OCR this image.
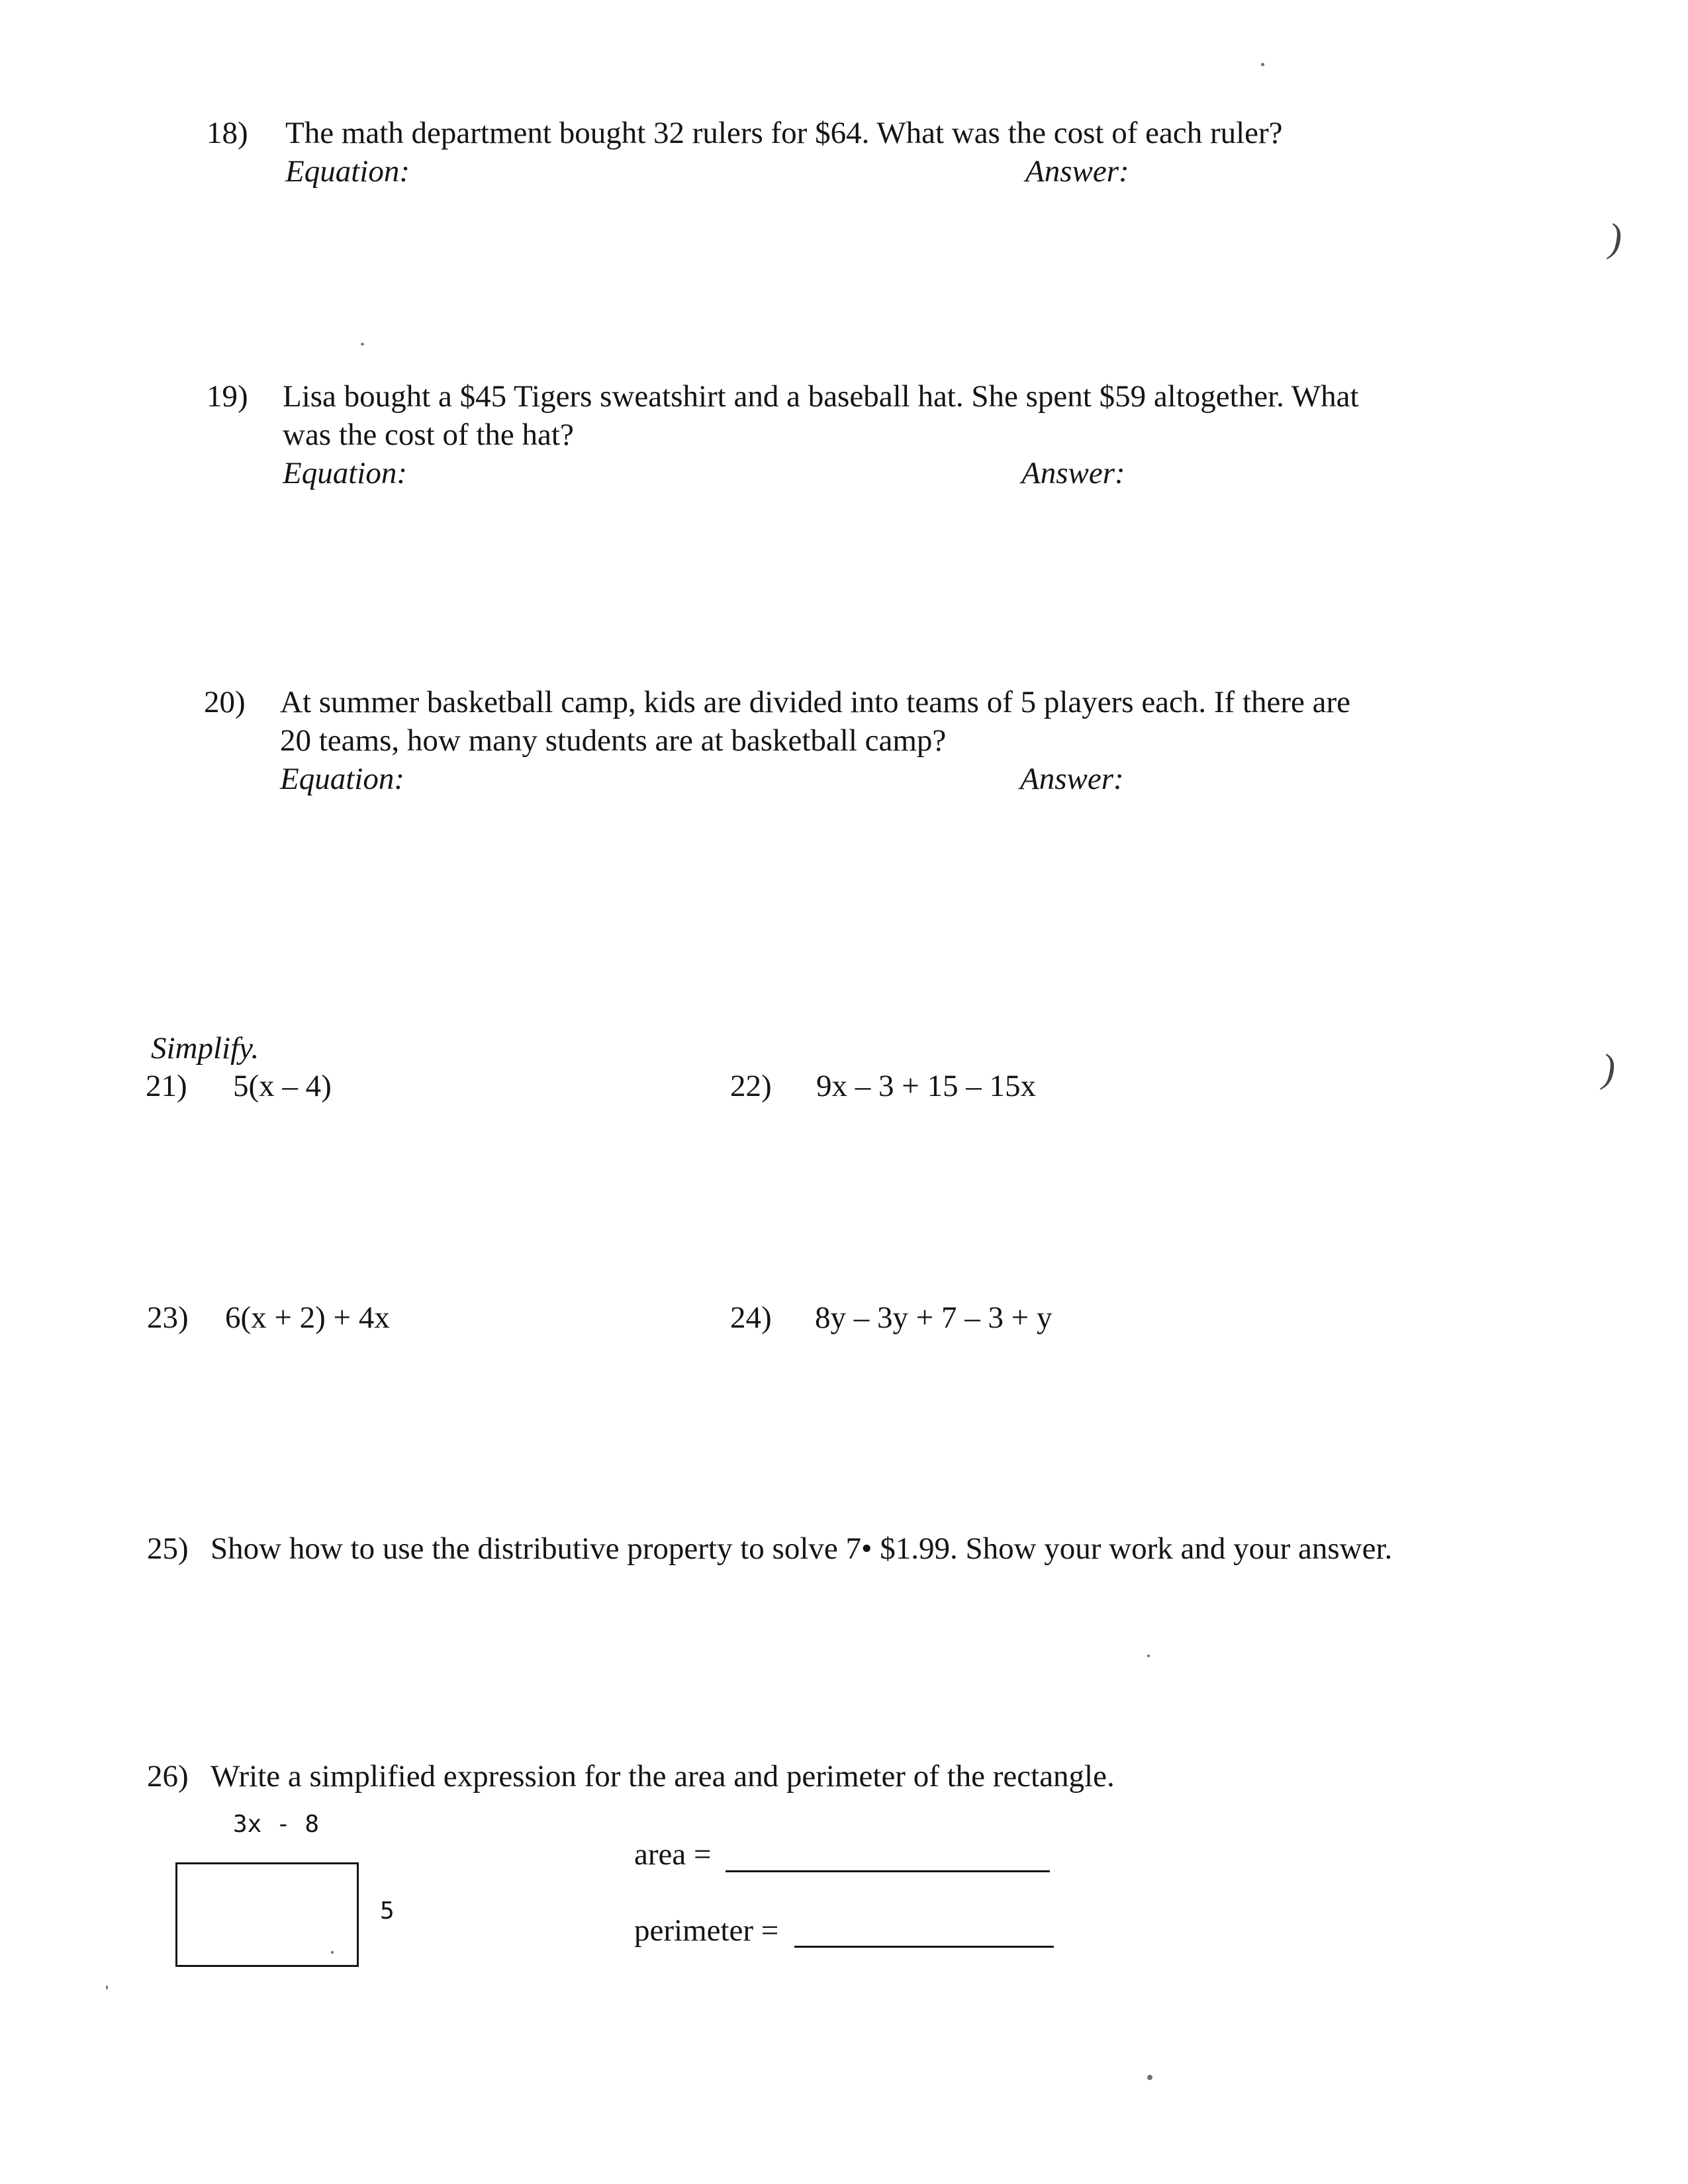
18) The math department bought 32 rulers for $64. What was the cost of each ruler?
Equation:	Answer:
19) Lisa bought a $45 Tigers sweatshirt and a baseball hat. She spent $59 altogether. What
was the cost of the hat?
Equation:	Answer:
20) At summer basketball camp, kids are divided into teams of 5 players each. If there are
20 teams, how many students are at basketball camp?
Equation:	Answer:
Simplify.
21) 5(x – 4)	22) 9x – 3 + 15 – 15x
23) 6(x + 2) + 4x	24) 8y – 3y + 7 – 3 + y
25) Show how to use the distributive property to solve 7• $1.99. Show your work and your answer.
26) Write a simplified expression for the area and perimeter of the rectangle.
3x - 8
5
area =
perimeter =
)
)
